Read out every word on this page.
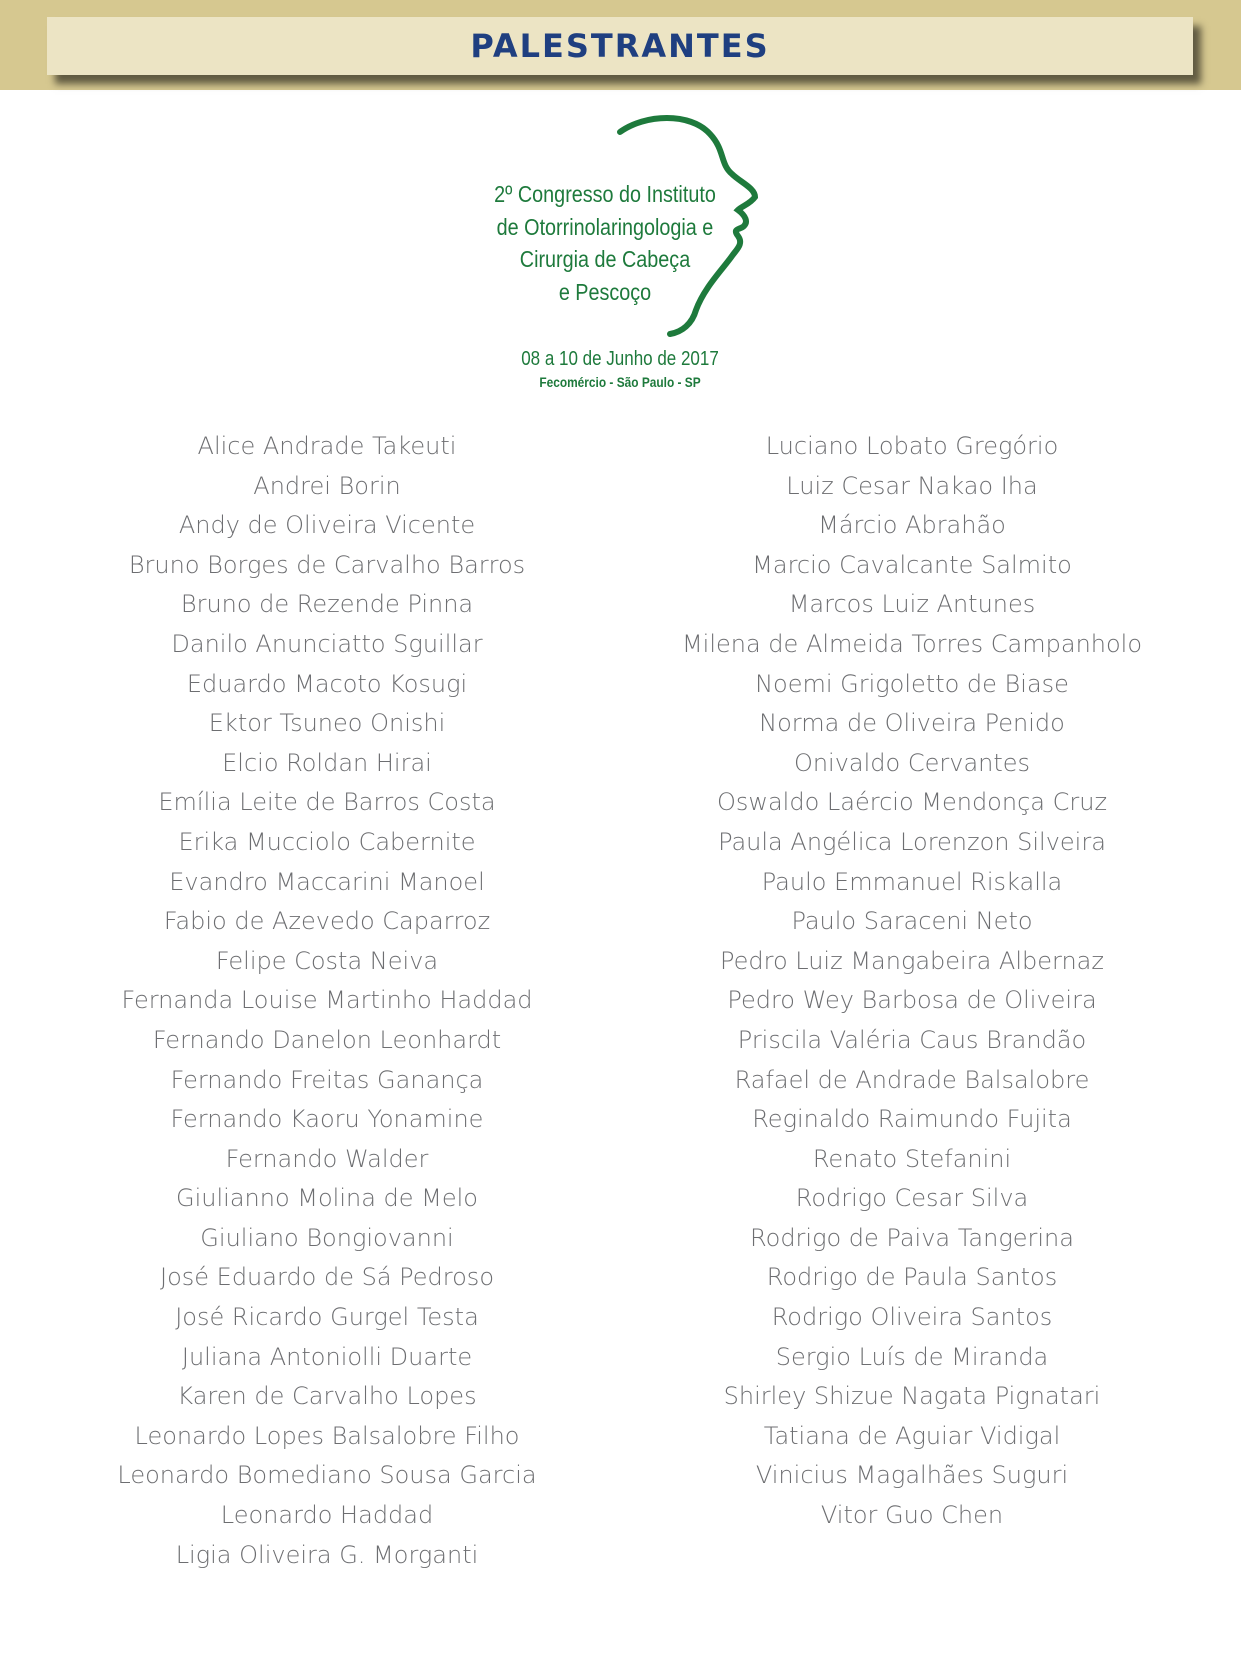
PALESTRANTES
2º Congresso do Instituto
de Otorrinolaringologia e
Cirurgia de Cabeça
e Pescoço
08 a 10 de Junho de 2017
Fecomércio - São Paulo - SP
Alice Andrade Takeuti
Andrei Borin
Andy de Oliveira Vicente
Bruno Borges de Carvalho Barros
Bruno de Rezende Pinna
Danilo Anunciatto Sguillar
Eduardo Macoto Kosugi
Ektor Tsuneo Onishi
Elcio Roldan Hirai
Emília Leite de Barros Costa
Erika Mucciolo Cabernite
Evandro Maccarini Manoel
Fabio de Azevedo Caparroz
Felipe Costa Neiva
Fernanda Louise Martinho Haddad
Fernando Danelon Leonhardt
Fernando Freitas Ganança
Fernando Kaoru Yonamine
Fernando Walder
Giulianno Molina de Melo
Giuliano Bongiovanni
José Eduardo de Sá Pedroso
José Ricardo Gurgel Testa
Juliana Antoniolli Duarte
Karen de Carvalho Lopes
Leonardo Lopes Balsalobre Filho
Leonardo Bomediano Sousa Garcia
Leonardo Haddad
Ligia Oliveira G. Morganti
Luciano Lobato Gregório
Luiz Cesar Nakao Iha
Márcio Abrahão
Marcio Cavalcante Salmito
Marcos Luiz Antunes
Milena de Almeida Torres Campanholo
Noemi Grigoletto de Biase
Norma de Oliveira Penido
Onivaldo Cervantes
Oswaldo Laércio Mendonça Cruz
Paula Angélica Lorenzon Silveira
Paulo Emmanuel Riskalla
Paulo Saraceni Neto
Pedro Luiz Mangabeira Albernaz
Pedro Wey Barbosa de Oliveira
Priscila Valéria Caus Brandão
Rafael de Andrade Balsalobre
Reginaldo Raimundo Fujita
Renato Stefanini
Rodrigo Cesar Silva
Rodrigo de Paiva Tangerina
Rodrigo de Paula Santos
Rodrigo Oliveira Santos
Sergio Luís de Miranda
Shirley Shizue Nagata Pignatari
Tatiana de Aguiar Vidigal
Vinicius Magalhães Suguri
Vitor Guo Chen
